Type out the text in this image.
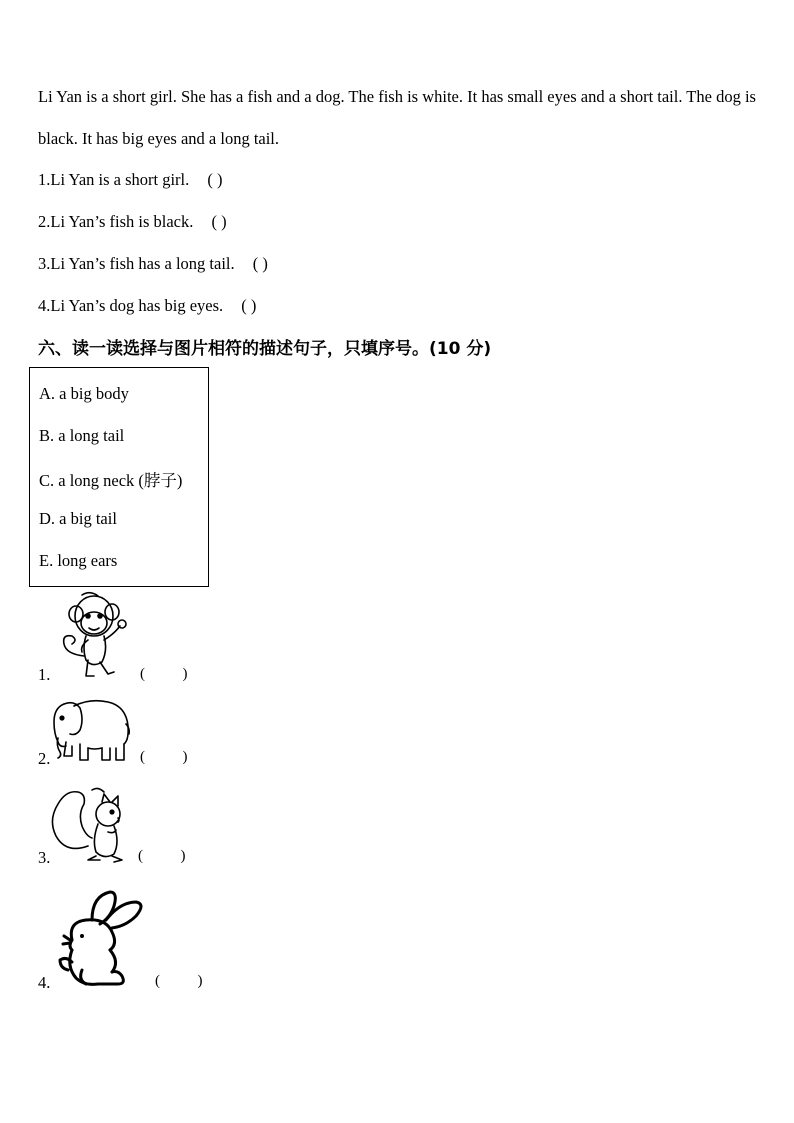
Li Yan is a short girl. She has a fish and a dog. The fish is white. It has small eyes and a short tail. The dog is black. It has big eyes and a long tail.
1.Li Yan is a short girl. ( )
2.Li Yan’s fish is black. ( )
3.Li Yan’s fish has a long tail. ( )
4.Li Yan’s dog has big eyes. ( )
六、读一读选择与图片相符的描述句子，只填序号。(10 分)
A. a big body
B. a long tail
C. a long neck (脖子)
D. a big tail
E. long ears
1.	(          )
2.	(          )
3.	(          )
4.	(          )
